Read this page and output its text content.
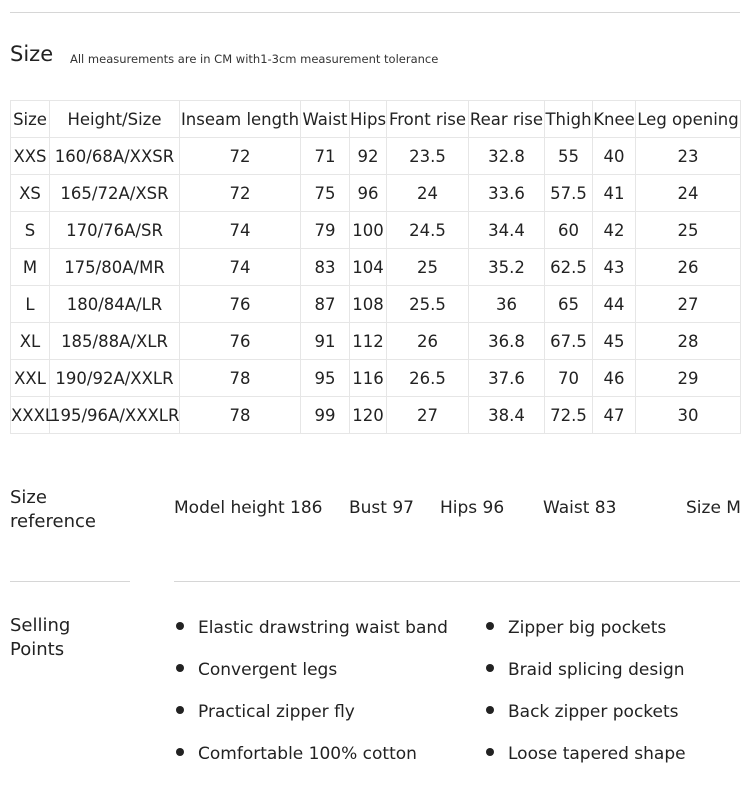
Size All measurements are in CM with1-3cm measurement tolerance
Size	Height/Size	Inseam length	Waist	Hips	Front rise	Rear rise	Thigh	Knee	Leg opening
XXS	160/68A/XXSR	72	71	92	23.5	32.8	55	40	23
XS	165/72A/XSR	72	75	96	24	33.6	57.5	41	24
S	170/76A/SR	74	79	100	24.5	34.4	60	42	25
M	175/80A/MR	74	83	104	25	35.2	62.5	43	26
L	180/84A/LR	76	87	108	25.5	36	65	44	27
XL	185/88A/XLR	76	91	112	26	36.8	67.5	45	28
XXL	190/92A/XXLR	78	95	116	26.5	37.6	70	46	29
XXXL	195/96A/XXXLR	78	99	120	27	38.4	72.5	47	30
Size
reference
Model height 186 Bust 97 Hips 96 Waist 83	Size M
Selling
Points
Elastic drawstring waist band
Convergent legs
Practical zipper fly
Comfortable 100% cotton
Zipper big pockets
Braid splicing design
Back zipper pockets
Loose tapered shape
